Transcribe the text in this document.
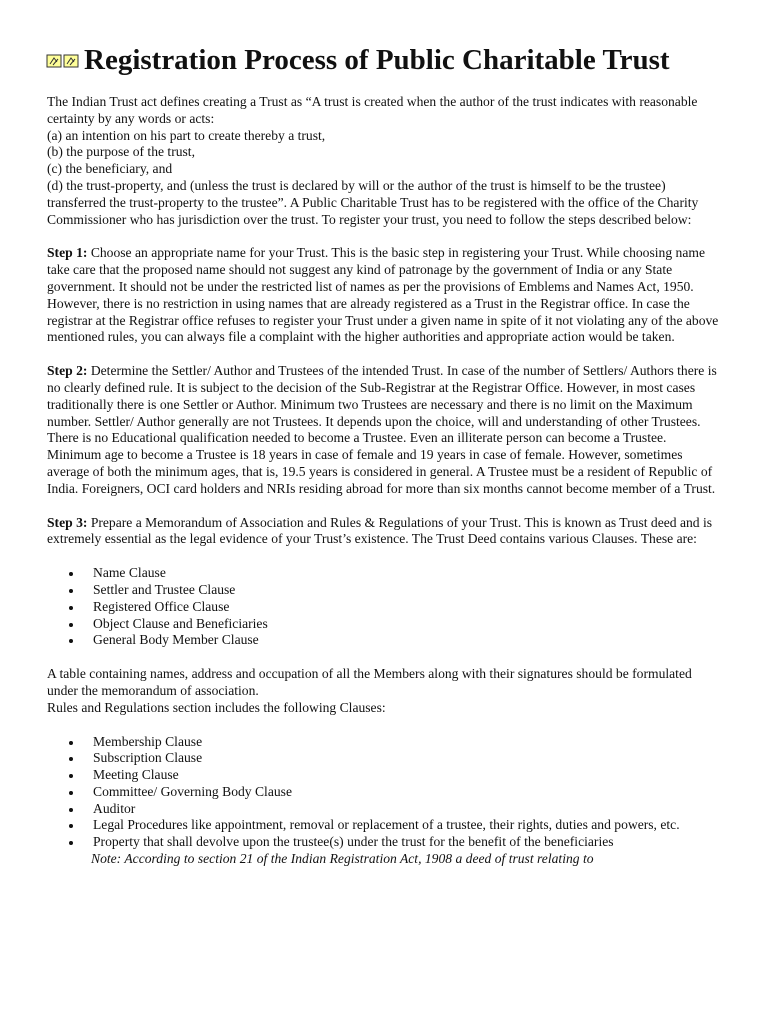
Registration Process of Public Charitable Trust

The Indian Trust act defines creating a Trust as “A trust is created when the author of the trust indicates with reasonable certainty by any words or acts:

(a) an intention on his part to create thereby a trust,

(b) the purpose of the trust,

(c) the beneficiary, and

(d) the trust-property, and (unless the trust is declared by will or the author of the trust is himself to be the trustee) transferred the trust-property to the trustee”. A Public Charitable Trust has to be registered with the office of the Charity Commissioner who has jurisdiction over the trust. To register your trust, you need to follow the steps described below:

Step 1: Choose an appropriate name for your Trust. This is the basic step in registering your Trust. While choosing name take care that the proposed name should not suggest any kind of patronage by the government of India or any State government. It should not be under the restricted list of names as per the provisions of Emblems and Names Act, 1950. However, there is no restriction in using names that are already registered as a Trust in the Registrar office. In case the registrar at the Registrar office refuses to register your Trust under a given name in spite of it not violating any of the above mentioned rules, you can always file a complaint with the higher authorities and appropriate action would be taken.

Step 2: Determine the Settler/ Author and Trustees of the intended Trust. In case of the number of Settlers/ Authors there is no clearly defined rule. It is subject to the decision of the Sub-Registrar at the Registrar Office. However, in most cases traditionally there is one Settler or Author. Minimum two Trustees are necessary and there is no limit on the Maximum number. Settler/ Author generally are not Trustees. It depends upon the choice, will and understanding of other Trustees. There is no Educational qualification needed to become a Trustee. Even an illiterate person can become a Trustee. Minimum age to become a Trustee is 18 years in case of female and 19 years in case of female. However, sometimes average of both the minimum ages, that is, 19.5 years is considered in general. A Trustee must be a resident of Republic of India. Foreigners, OCI card holders and NRIs residing abroad for more than six months cannot become member of a Trust.

Step 3: Prepare a Memorandum of Association and Rules & Regulations of your Trust. This is known as Trust deed and is extremely essential as the legal evidence of your Trust’s existence. The Trust Deed contains various Clauses. These are:

Name Clause
Settler and Trustee Clause
Registered Office Clause
Object Clause and Beneficiaries
General Body Member Clause

A table containing names, address and occupation of all the Members along with their signatures should be formulated under the memorandum of association.

Rules and Regulations section includes the following Clauses:

Membership Clause
Subscription Clause
Meeting Clause
Committee/ Governing Body Clause
Auditor
Legal Procedures like appointment, removal or replacement of a trustee, their rights, duties and powers, etc.
Property that shall devolve upon the trustee(s) under the trust for the benefit of the beneficiaries

Note: According to section 21 of the Indian Registration Act, 1908 a deed of trust relating to
